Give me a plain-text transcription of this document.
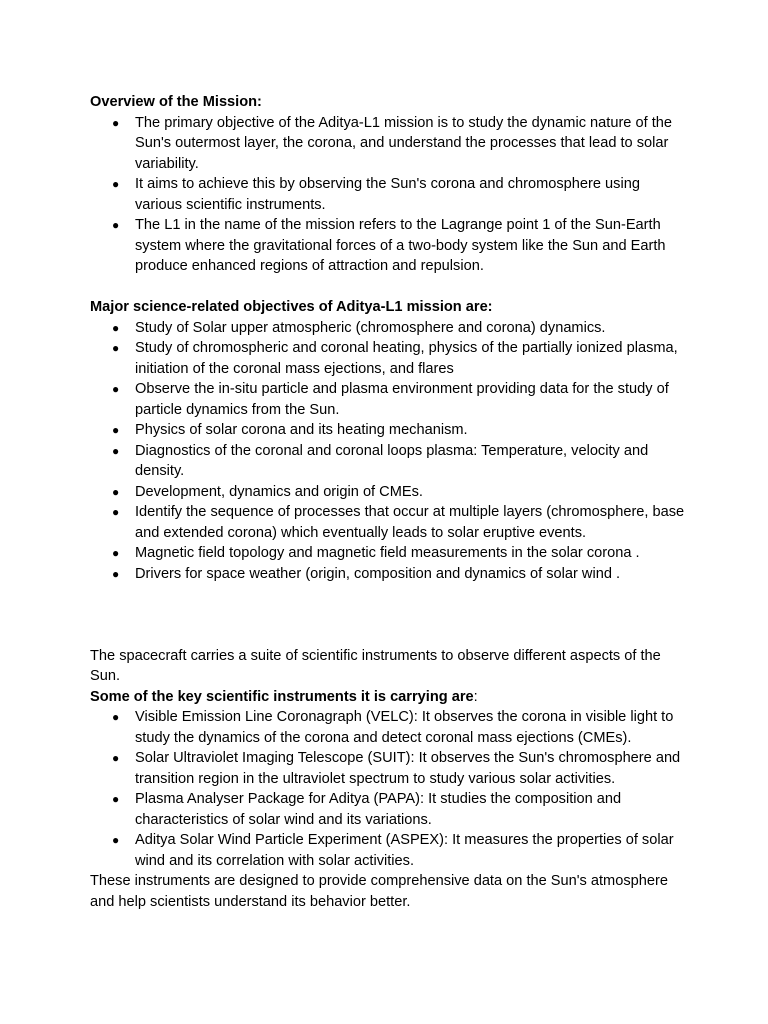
Overview of the Mission:

● The primary objective of the Aditya-L1 mission is to study the dynamic nature of the Sun's outermost layer, the corona, and understand the processes that lead to solar variability.
● It aims to achieve this by observing the Sun's corona and chromosphere using various scientific instruments.
● The L1 in the name of the mission refers to the Lagrange point 1 of the Sun-Earth system where the gravitational forces of a two-body system like the Sun and Earth produce enhanced regions of attraction and repulsion.

Major science-related objectives of Aditya-L1 mission are:

● Study of Solar upper atmospheric (chromosphere and corona) dynamics.
● Study of chromospheric and coronal heating, physics of the partially ionized plasma, initiation of the coronal mass ejections, and flares
● Observe the in-situ particle and plasma environment providing data for the study of particle dynamics from the Sun.
● Physics of solar corona and its heating mechanism.
● Diagnostics of the coronal and coronal loops plasma: Temperature, velocity and density.
● Development, dynamics and origin of CMEs.
● Identify the sequence of processes that occur at multiple layers (chromosphere, base and extended corona) which eventually leads to solar eruptive events.
● Magnetic field topology and magnetic field measurements in the solar corona .
● Drivers for space weather (origin, composition and dynamics of solar wind .

The spacecraft carries a suite of scientific instruments to observe different aspects of the Sun.

Some of the key scientific instruments it is carrying are:

● Visible Emission Line Coronagraph (VELC): It observes the corona in visible light to study the dynamics of the corona and detect coronal mass ejections (CMEs).
● Solar Ultraviolet Imaging Telescope (SUIT): It observes the Sun's chromosphere and transition region in the ultraviolet spectrum to study various solar activities.
● Plasma Analyser Package for Aditya (PAPA): It studies the composition and characteristics of solar wind and its variations.
● Aditya Solar Wind Particle Experiment (ASPEX): It measures the properties of solar wind and its correlation with solar activities.

These instruments are designed to provide comprehensive data on the Sun's atmosphere and help scientists understand its behavior better.
